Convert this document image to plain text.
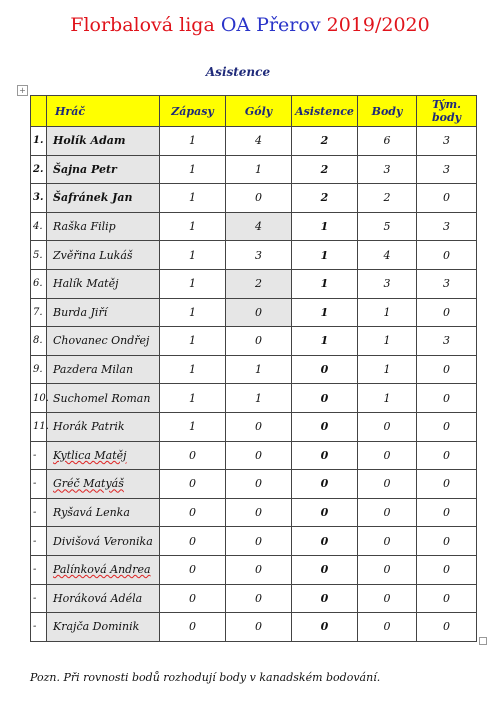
Florbalová liga OA Přerov 2019/2020
Asistence
+
	Hráč	Zápasy	Góly	Asistence	Body	Tým. body
1.	Holík Adam	1	4	2	6	3
2.	Šajna Petr	1	1	2	3	3
3.	Šafránek Jan	1	0	2	2	0
4.	Raška Filip	1	4	1	5	3
5.	Zvěřina Lukáš	1	3	1	4	0
6.	Halík Matěj	1	2	1	3	3
7.	Burda Jiří	1	0	1	1	0
8.	Chovanec Ondřej	1	0	1	1	3
9.	Pazdera Milan	1	1	0	1	0
10.	Suchomel Roman	1	1	0	1	0
11.	Horák Patrik	1	0	0	0	0
-	Kytlica Matěj	0	0	0	0	0
-	Gréč Matyáš	0	0	0	0	0
-	Ryšavá Lenka	0	0	0	0	0
-	Divišová Veronika	0	0	0	0	0
-	Palínková Andrea	0	0	0	0	0
-	Horáková Adéla	0	0	0	0	0
-	Krajča Dominik	0	0	0	0	0
Pozn. Při rovnosti bodů rozhodují body v kanadském bodování.
